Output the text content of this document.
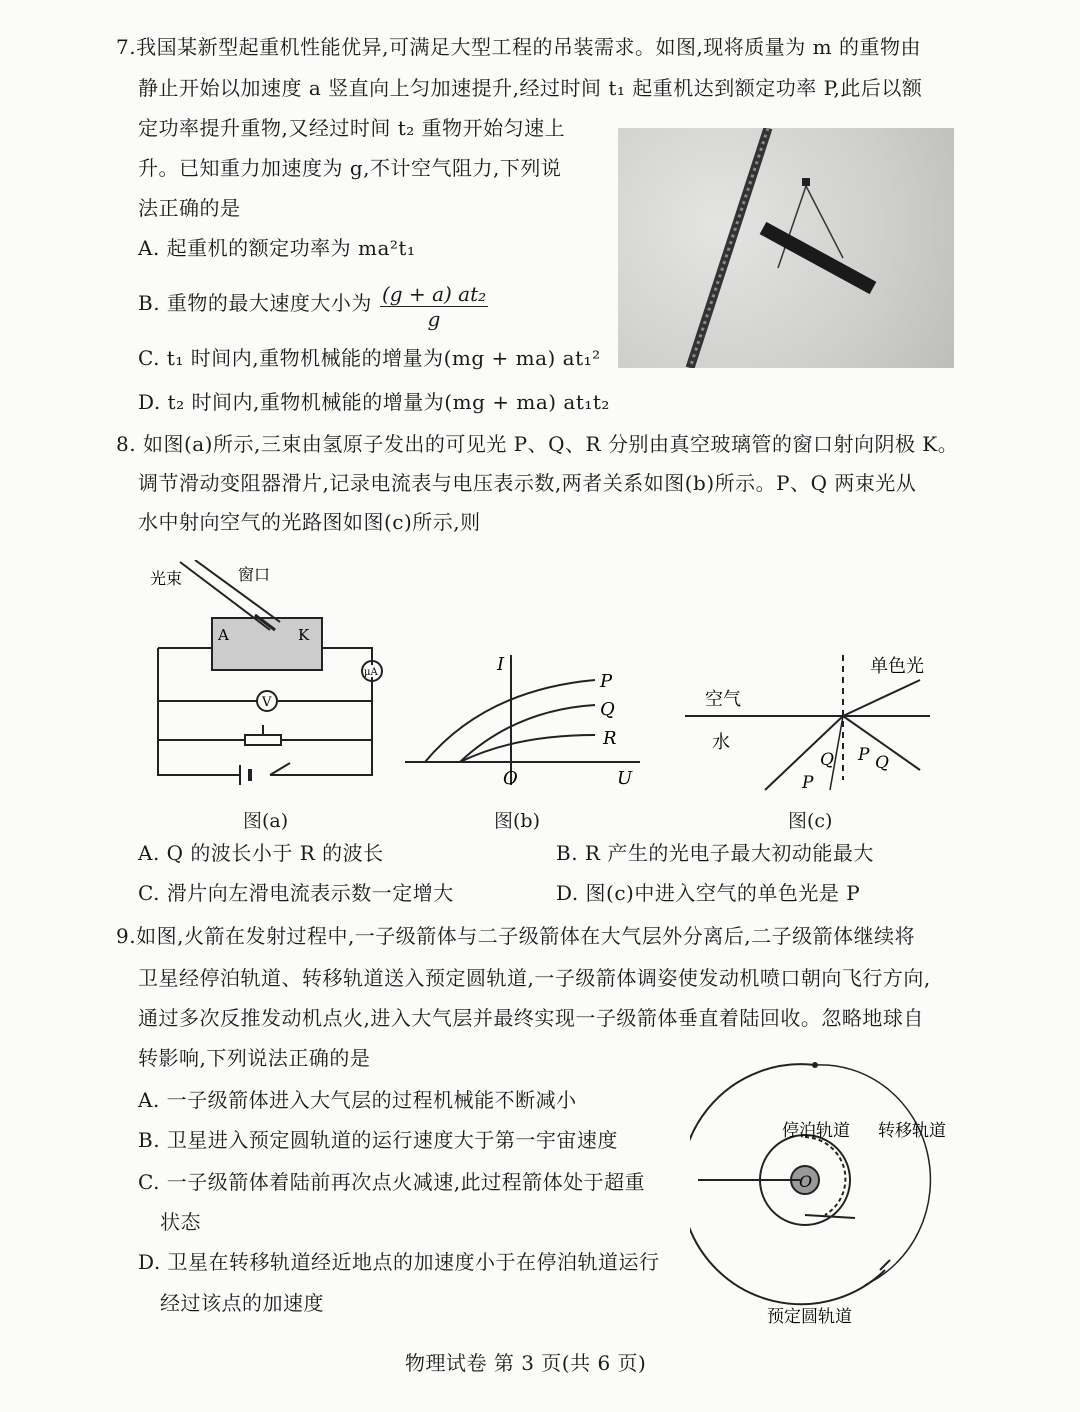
7.我国某新型起重机性能优异,可满足大型工程的吊装需求。如图,现将质量为 m 的重物由
静止开始以加速度 a 竖直向上匀加速提升,经过时间 t₁ 起重机达到额定功率 P,此后以额
定功率提升重物,又经过时间 t₂ 重物开始匀速上
升。已知重力加速度为 g,不计空气阻力,下列说
法正确的是
A. 起重机的额定功率为 ma²t₁
B. 重物的最大速度大小为 $\frac{\text{(g + a) at₂}}{g}$
C. t₁ 时间内,重物机械能的增量为(mg + ma) at₁²
D. t₂ 时间内,重物机械能的增量为(mg + ma) at₁t₂
8. 如图(a)所示,三束由氢原子发出的可见光 P、Q、R 分别由真空玻璃管的窗口射向阴极 K。
调节滑动变阻器滑片,记录电流表与电压表示数,两者关系如图(b)所示。P、Q 两束光从
水中射向空气的光路图如图(c)所示,则
光束	窗口
A	K
μA
V
图(a)
I
U
O
P
Q
R
图(b)
单色光
空气
水
P
Q P Q
图(c)
A. Q 的波长小于 R 的波长	B. R 产生的光电子最大初动能最大
C. 滑片向左滑电流表示数一定增大	D. 图(c)中进入空气的单色光是 P
9.如图,火箭在发射过程中,一子级箭体与二子级箭体在大气层外分离后,二子级箭体继续将
卫星经停泊轨道、转移轨道送入预定圆轨道,一子级箭体调姿使发动机喷口朝向飞行方向,
通过多次反推发动机点火,进入大气层并最终实现一子级箭体垂直着陆回收。忽略地球自
转影响,下列说法正确的是
A. 一子级箭体进入大气层的过程机械能不断减小
B. 卫星进入预定圆轨道的运行速度大于第一宇宙速度
C. 一子级箭体着陆前再次点火减速,此过程箭体处于超重
状态
D. 卫星在转移轨道经近地点的加速度小于在停泊轨道运行
经过该点的加速度
停泊轨道 转移轨道
预定圆轨道
O
物理试卷 第 3 页(共 6 页)
